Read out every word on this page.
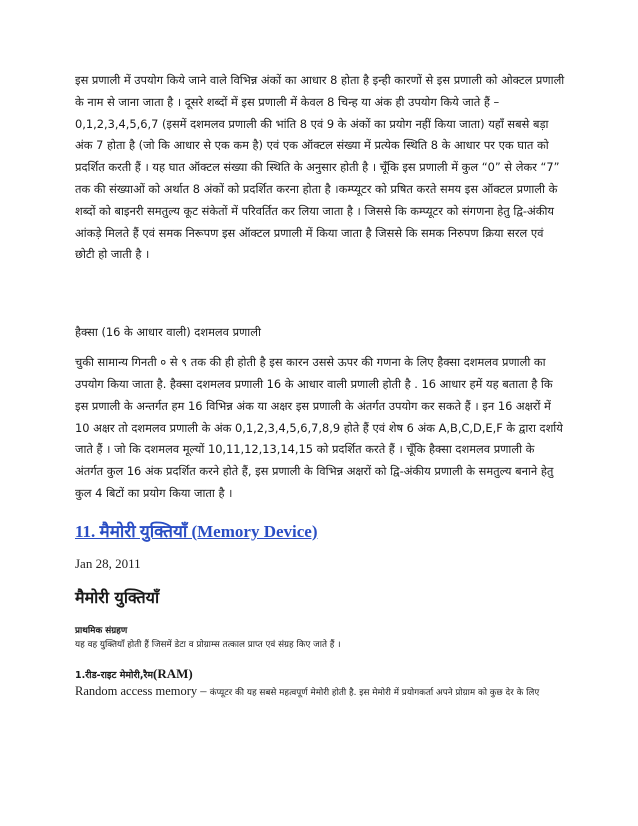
इस प्रणाली में उपयोग किये जाने वाले विभिन्न अंकों का आधार 8 होता है इन्ही कारणों से इस प्रणाली को ओक्टल प्रणाली के नाम से जाना जाता है । दूसरे शब्दों में इस प्रणाली में केवल 8 चिन्ह या अंक ही उपयोग किये जाते हैं – 0,1,2,3,4,5,6,7 (इसमें दशमलव प्रणाली की भांति 8 एवं 9 के अंकों का प्रयोग नहीं किया जाता) यहाँ सबसे बड़ा अंक 7 होता है (जो कि आधार से एक कम है) एवं एक ऑक्टल संख्या में प्रत्येक स्थिति 8 के आधार पर एक घात को प्रदर्शित करती हैं । यह घात ऑक्टल संख्या की स्थिति के अनुसार होती है । चूँकि इस प्रणाली में कुल “0” से लेकर “7” तक की संख्याओं को अर्थात 8 अंकों को प्रदर्शित करना होता है ।कम्प्यूटर को प्रषित करते समय इस ऑक्टल प्रणाली के शब्दों को बाइनरी समतुल्य कूट संकेतों में परिवर्तित कर लिया जाता है । जिससे कि कम्प्यूटर को संगणना हेतु द्वि-अंकीय आंकड़े मिलते हैं एवं समक निरूपण इस ऑक्टल प्रणाली में किया जाता है जिससे कि समक निरुपण क्रिया सरल एवं छोटी हो जाती है ।

हैक्सा (16 के आधार वाली) दशमलव प्रणाली

चुकी सामान्य गिनती ० से ९ तक की ही होती है इस कारन उससे ऊपर की गणना के लिए हैक्सा दशमलव प्रणाली का उपयोग किया जाता है. हैक्सा दशमलव प्रणाली 16 के आधार वाली प्रणाली होती है . 16 आधार हमें यह बताता है कि इस प्रणाली के अन्तर्गत हम 16 विभिन्न अंक या अक्षर इस प्रणाली के अंतर्गत उपयोग कर सकते हैं । इन 16 अक्षरों में 10 अक्षर तो दशमलव प्रणाली के अंक 0,1,2,3,4,5,6,7,8,9 होते हैं एवं शेष 6 अंक A,B,C,D,E,F के द्वारा दर्शाये जाते हैं । जो कि दशमलव मूल्यों 10,11,12,13,14,15 को प्रदर्शित करते हैं । चूँकि हैक्सा दशमलव प्रणाली के अंतर्गत कुल 16 अंक प्रदर्शित करने होते हैं, इस प्रणाली के विभिन्न अक्षरों को द्वि-अंकीय प्रणाली के समतुल्य बनाने हेतु कुल 4 बिटों का प्रयोग किया जाता है ।

11. मैमोरी युक्तियाँ (Memory Device)

Jan 28, 2011

मैमोरी युक्तियाँ

प्राथमिक संग्रहण

यह वह युक्तियाँ होती हैं जिसमें डेटा व प्रोग्राम्स तत्काल प्राप्त एवं संग्रह किए जाते हैं ।

1.रीड-राइट मेमोरी,रैम(RAM)

Random access memory – कंप्यूटर की यह सबसे महत्वपूर्ण मेमोरी होती है. इस मेमोरी में प्रयोगकर्ता अपने प्रोग्राम को कुछ देर के लिए
